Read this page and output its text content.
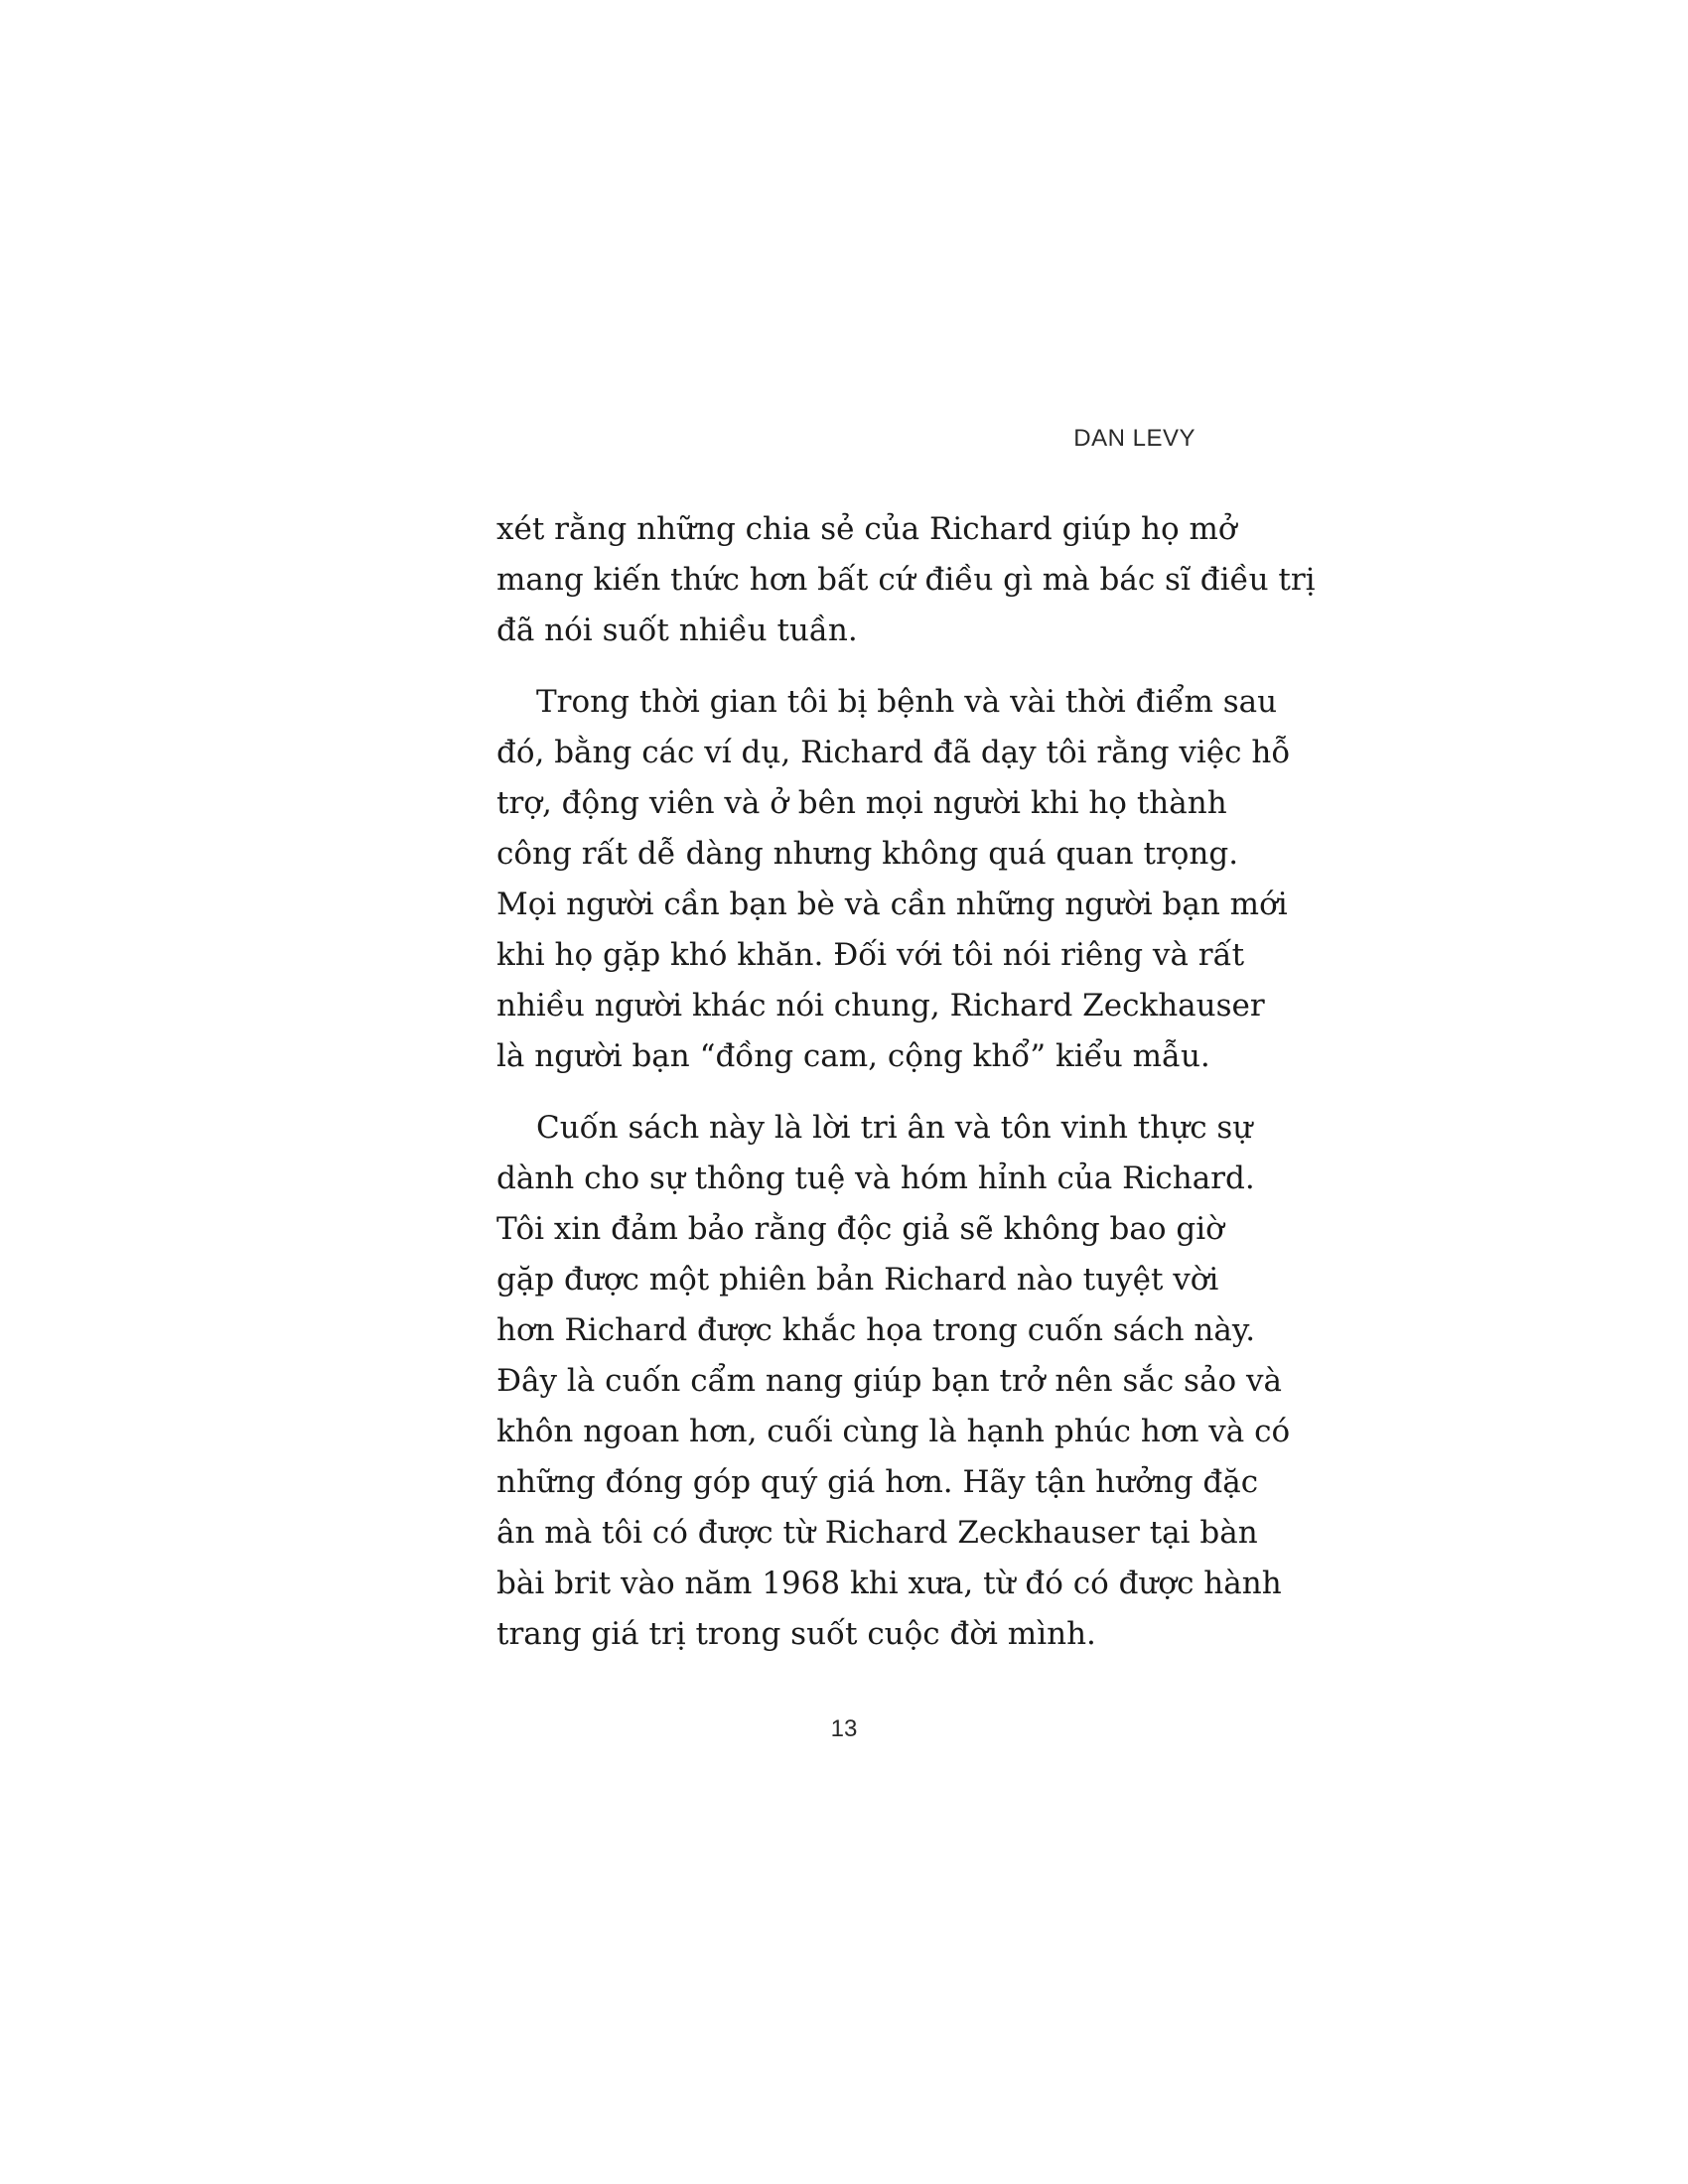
DAN LEVY
xét rằng những chia sẻ của Richard giúp họ mở
mang kiến thức hơn bất cứ điều gì mà bác sĩ điều trị
đã nói suốt nhiều tuần.
Trong thời gian tôi bị bệnh và vài thời điểm sau
đó, bằng các ví dụ, Richard đã dạy tôi rằng việc hỗ
trợ, động viên và ở bên mọi người khi họ thành
công rất dễ dàng nhưng không quá quan trọng.
Mọi người cần bạn bè và cần những người bạn mới
khi họ gặp khó khăn. Đối với tôi nói riêng và rất
nhiều người khác nói chung, Richard Zeckhauser
là người bạn “đồng cam, cộng khổ” kiểu mẫu.
Cuốn sách này là lời tri ân và tôn vinh thực sự
dành cho sự thông tuệ và hóm hỉnh của Richard.
Tôi xin đảm bảo rằng độc giả sẽ không bao giờ
gặp được một phiên bản Richard nào tuyệt vời
hơn Richard được khắc họa trong cuốn sách này.
Đây là cuốn cẩm nang giúp bạn trở nên sắc sảo và
khôn ngoan hơn, cuối cùng là hạnh phúc hơn và có
những đóng góp quý giá hơn. Hãy tận hưởng đặc
ân mà tôi có được từ Richard Zeckhauser tại bàn
bài brit vào năm 1968 khi xưa, từ đó có được hành
trang giá trị trong suốt cuộc đời mình.
13
